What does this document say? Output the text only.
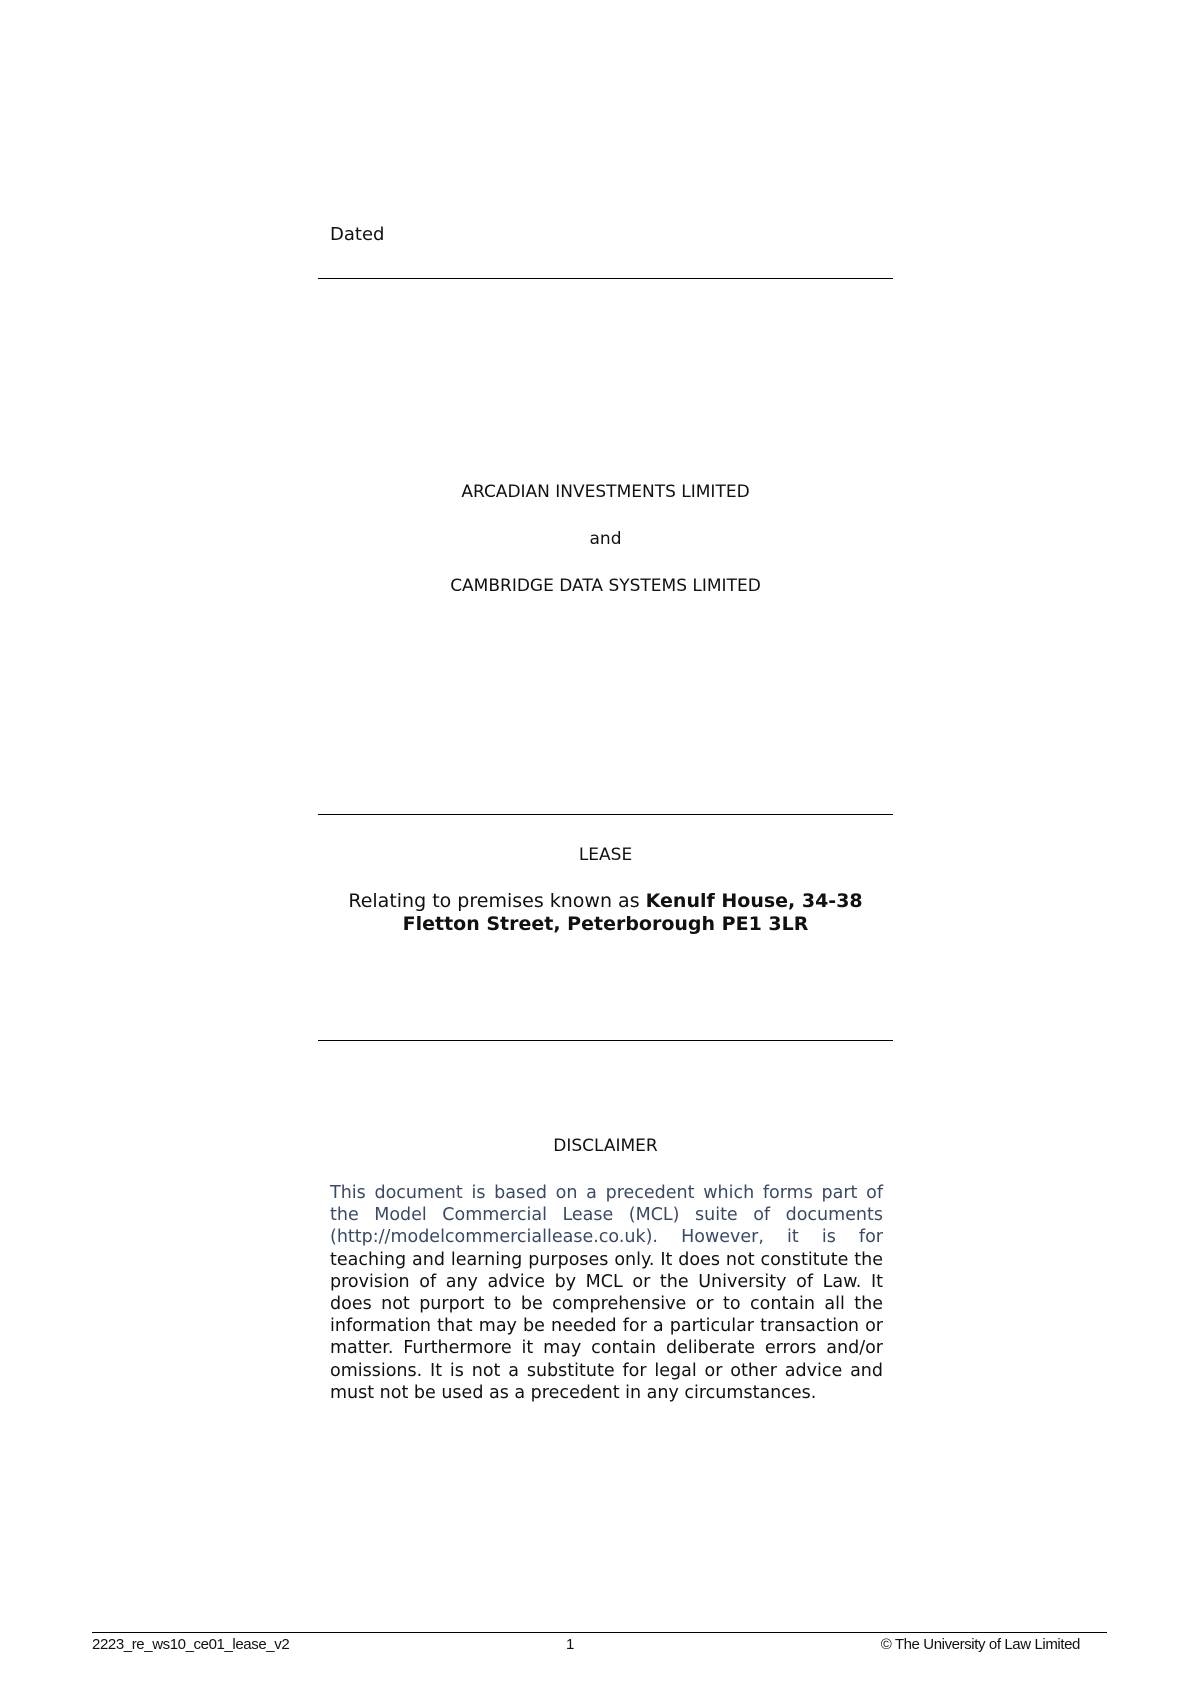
Dated
ARCADIAN INVESTMENTS LIMITED
and
CAMBRIDGE DATA SYSTEMS LIMITED
LEASE
Relating to premises known as Kenulf House, 34-38 Fletton Street, Peterborough PE1 3LR
DISCLAIMER
This document is based on a precedent which forms part of the Model Commercial Lease (MCL) suite of documents (http://modelcommerciallease.co.uk). However, it is for teaching and learning purposes only. It does not constitute the provision of any advice by MCL or the University of Law. It does not purport to be comprehensive or to contain all the information that may be needed for a particular transaction or matter. Furthermore it may contain deliberate errors and/or omissions. It is not a substitute for legal or other advice and must not be used as a precedent in any circumstances.
2223_re_ws10_ce01_lease_v2	1	© The University of Law Limited
